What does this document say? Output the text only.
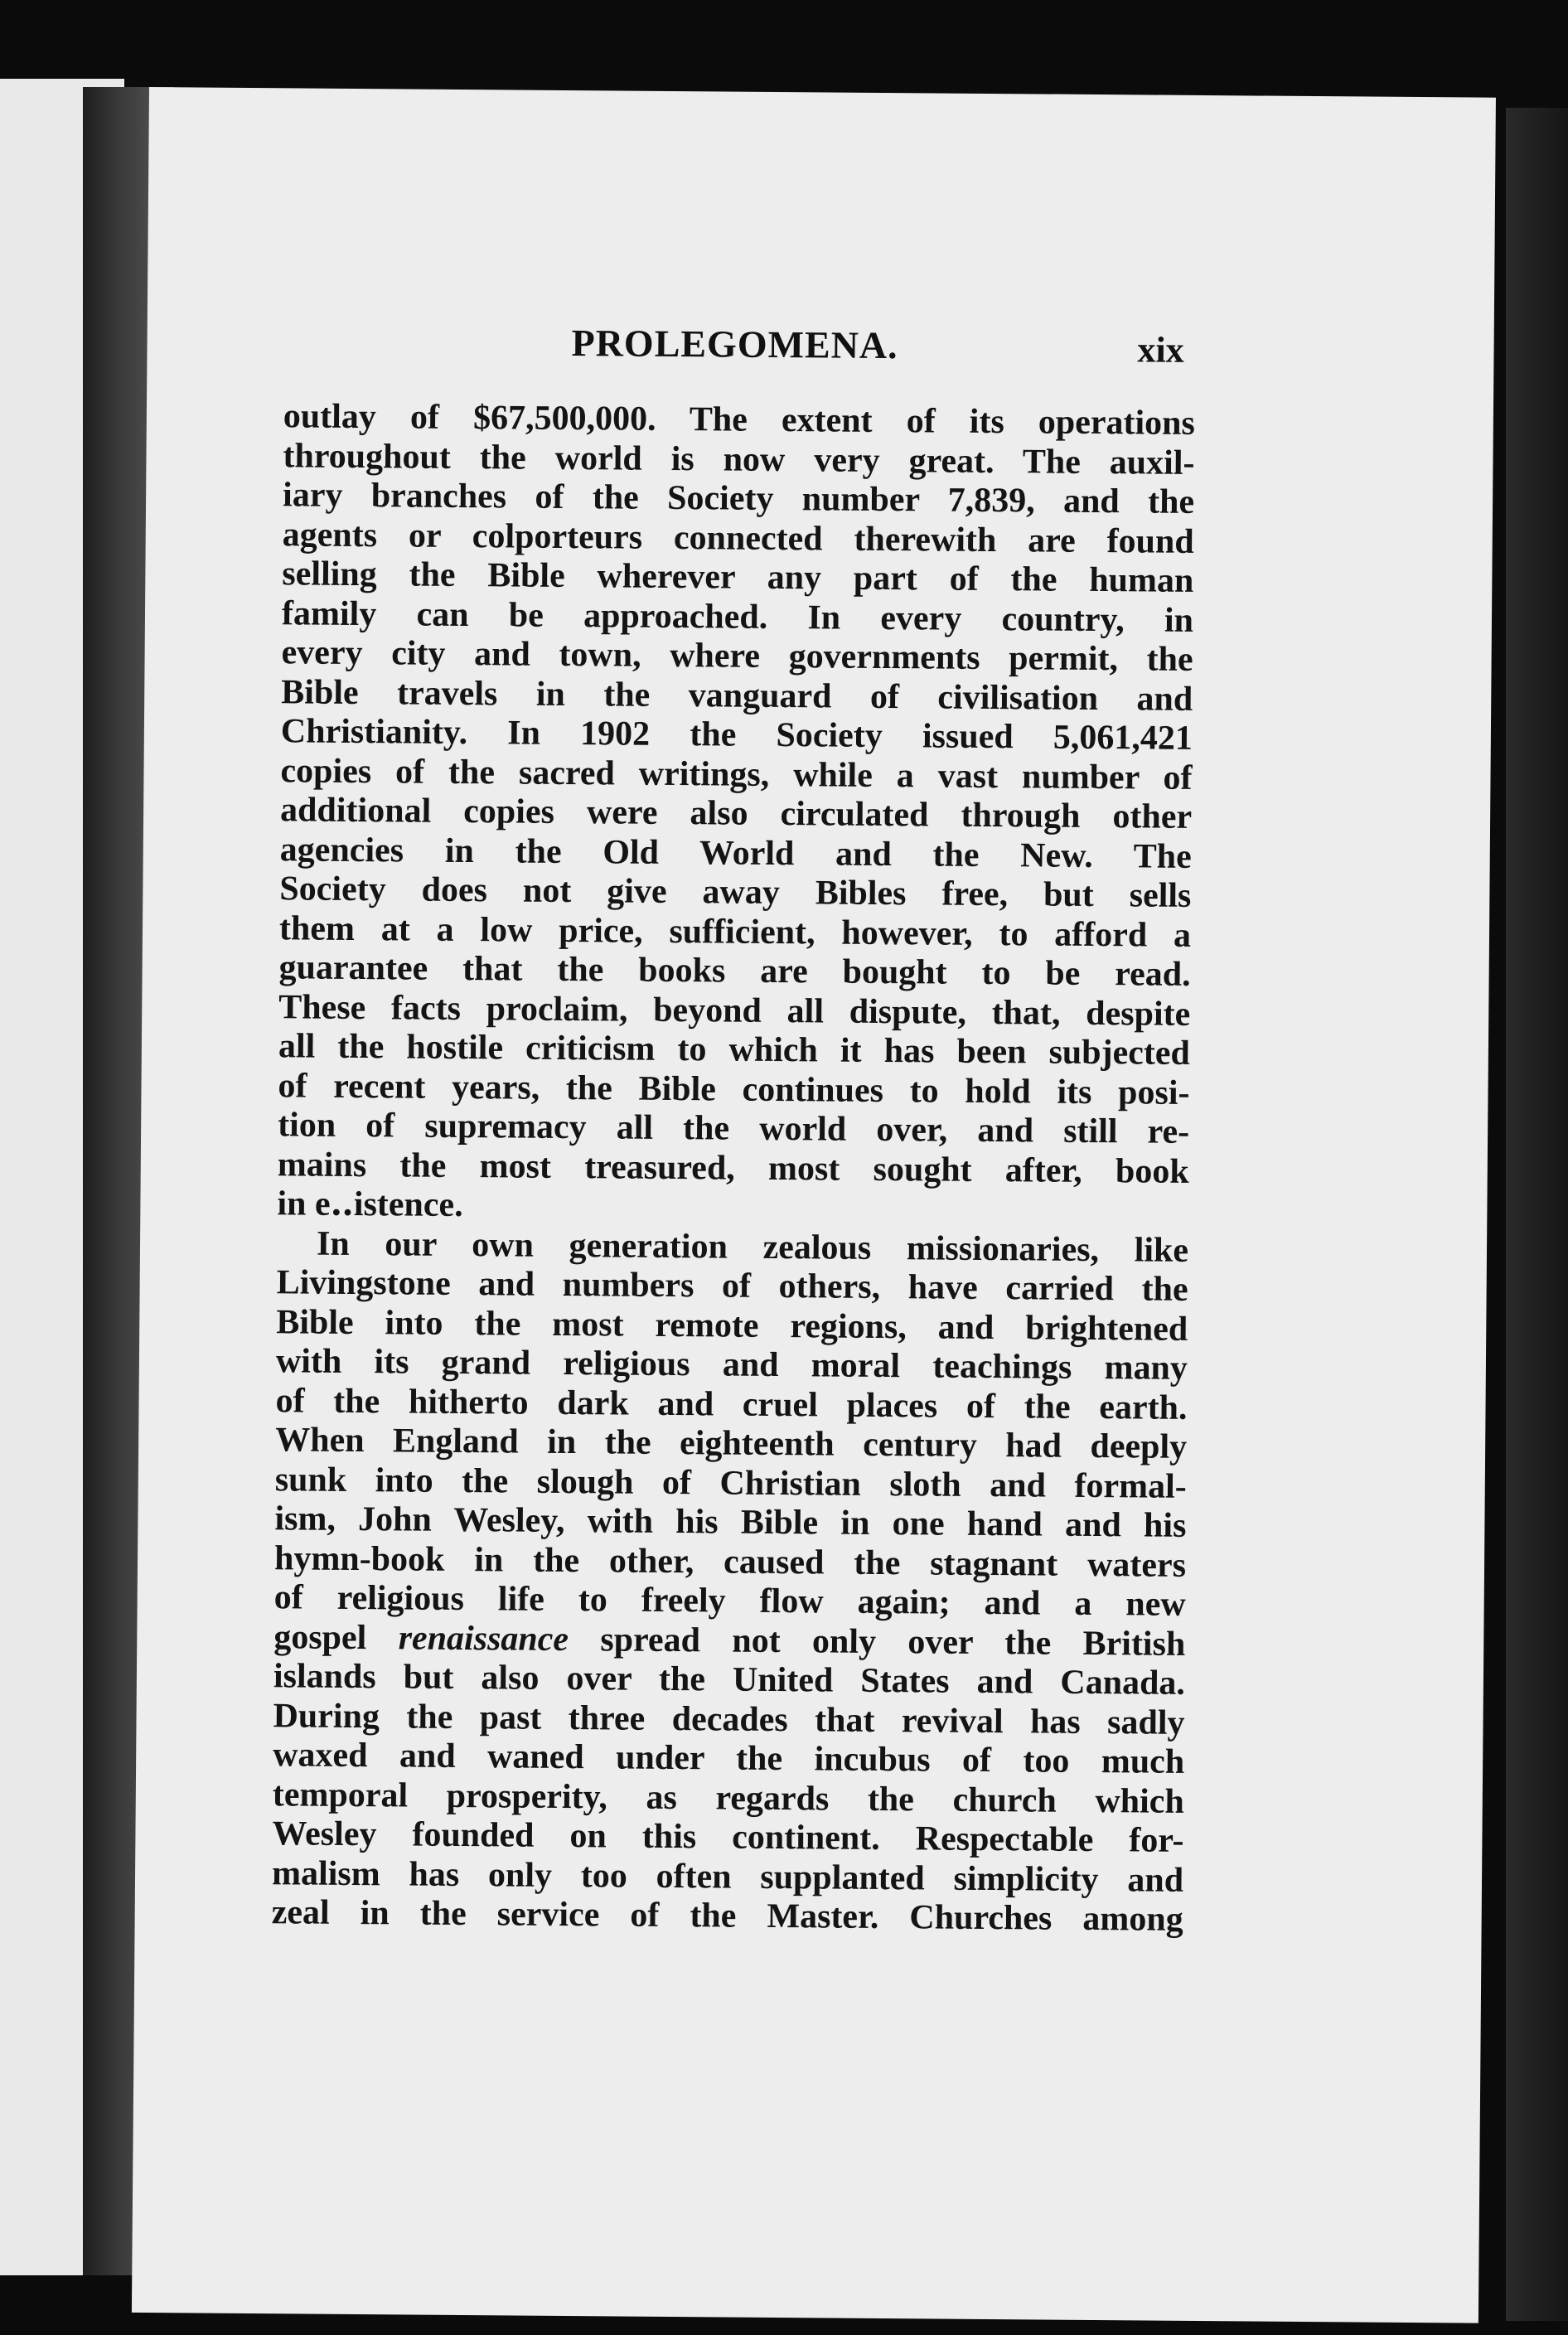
PROLEGOMENA.	xix
outlay of $67,500,000. The extent of its operations
throughout the world is now very great. The auxil-
iary branches of the Society number 7,839, and the
agents or colporteurs connected therewith are found
selling the Bible wherever any part of the human
family can be approached. In every country, in
every city and town, where governments permit, the
Bible travels in the vanguard of civilisation and
Christianity. In 1902 the Society issued 5,061,421
copies of the sacred writings, while a vast number of
additional copies were also circulated through other
agencies in the Old World and the New. The
Society does not give away Bibles free, but sells
them at a low price, sufficient, however, to afford a
guarantee that the books are bought to be read.
These facts proclaim, beyond all dispute, that, despite
all the hostile criticism to which it has been subjected
of recent years, the Bible continues to hold its posi-
tion of supremacy all the world over, and still re-
mains the most treasured, most sought after, book
in e‥istence.
In our own generation zealous missionaries, like
Livingstone and numbers of others, have carried the
Bible into the most remote regions, and brightened
with its grand religious and moral teachings many
of the hitherto dark and cruel places of the earth.
When England in the eighteenth century had deeply
sunk into the slough of Christian sloth and formal-
ism, John Wesley, with his Bible in one hand and his
hymn-book in the other, caused the stagnant waters
of religious life to freely flow again; and a new
gospel renaissance spread not only over the British
islands but also over the United States and Canada.
During the past three decades that revival has sadly
waxed and waned under the incubus of too much
temporal prosperity, as regards the church which
Wesley founded on this continent. Respectable for-
malism has only too often supplanted simplicity and
zeal in the service of the Master. Churches among
